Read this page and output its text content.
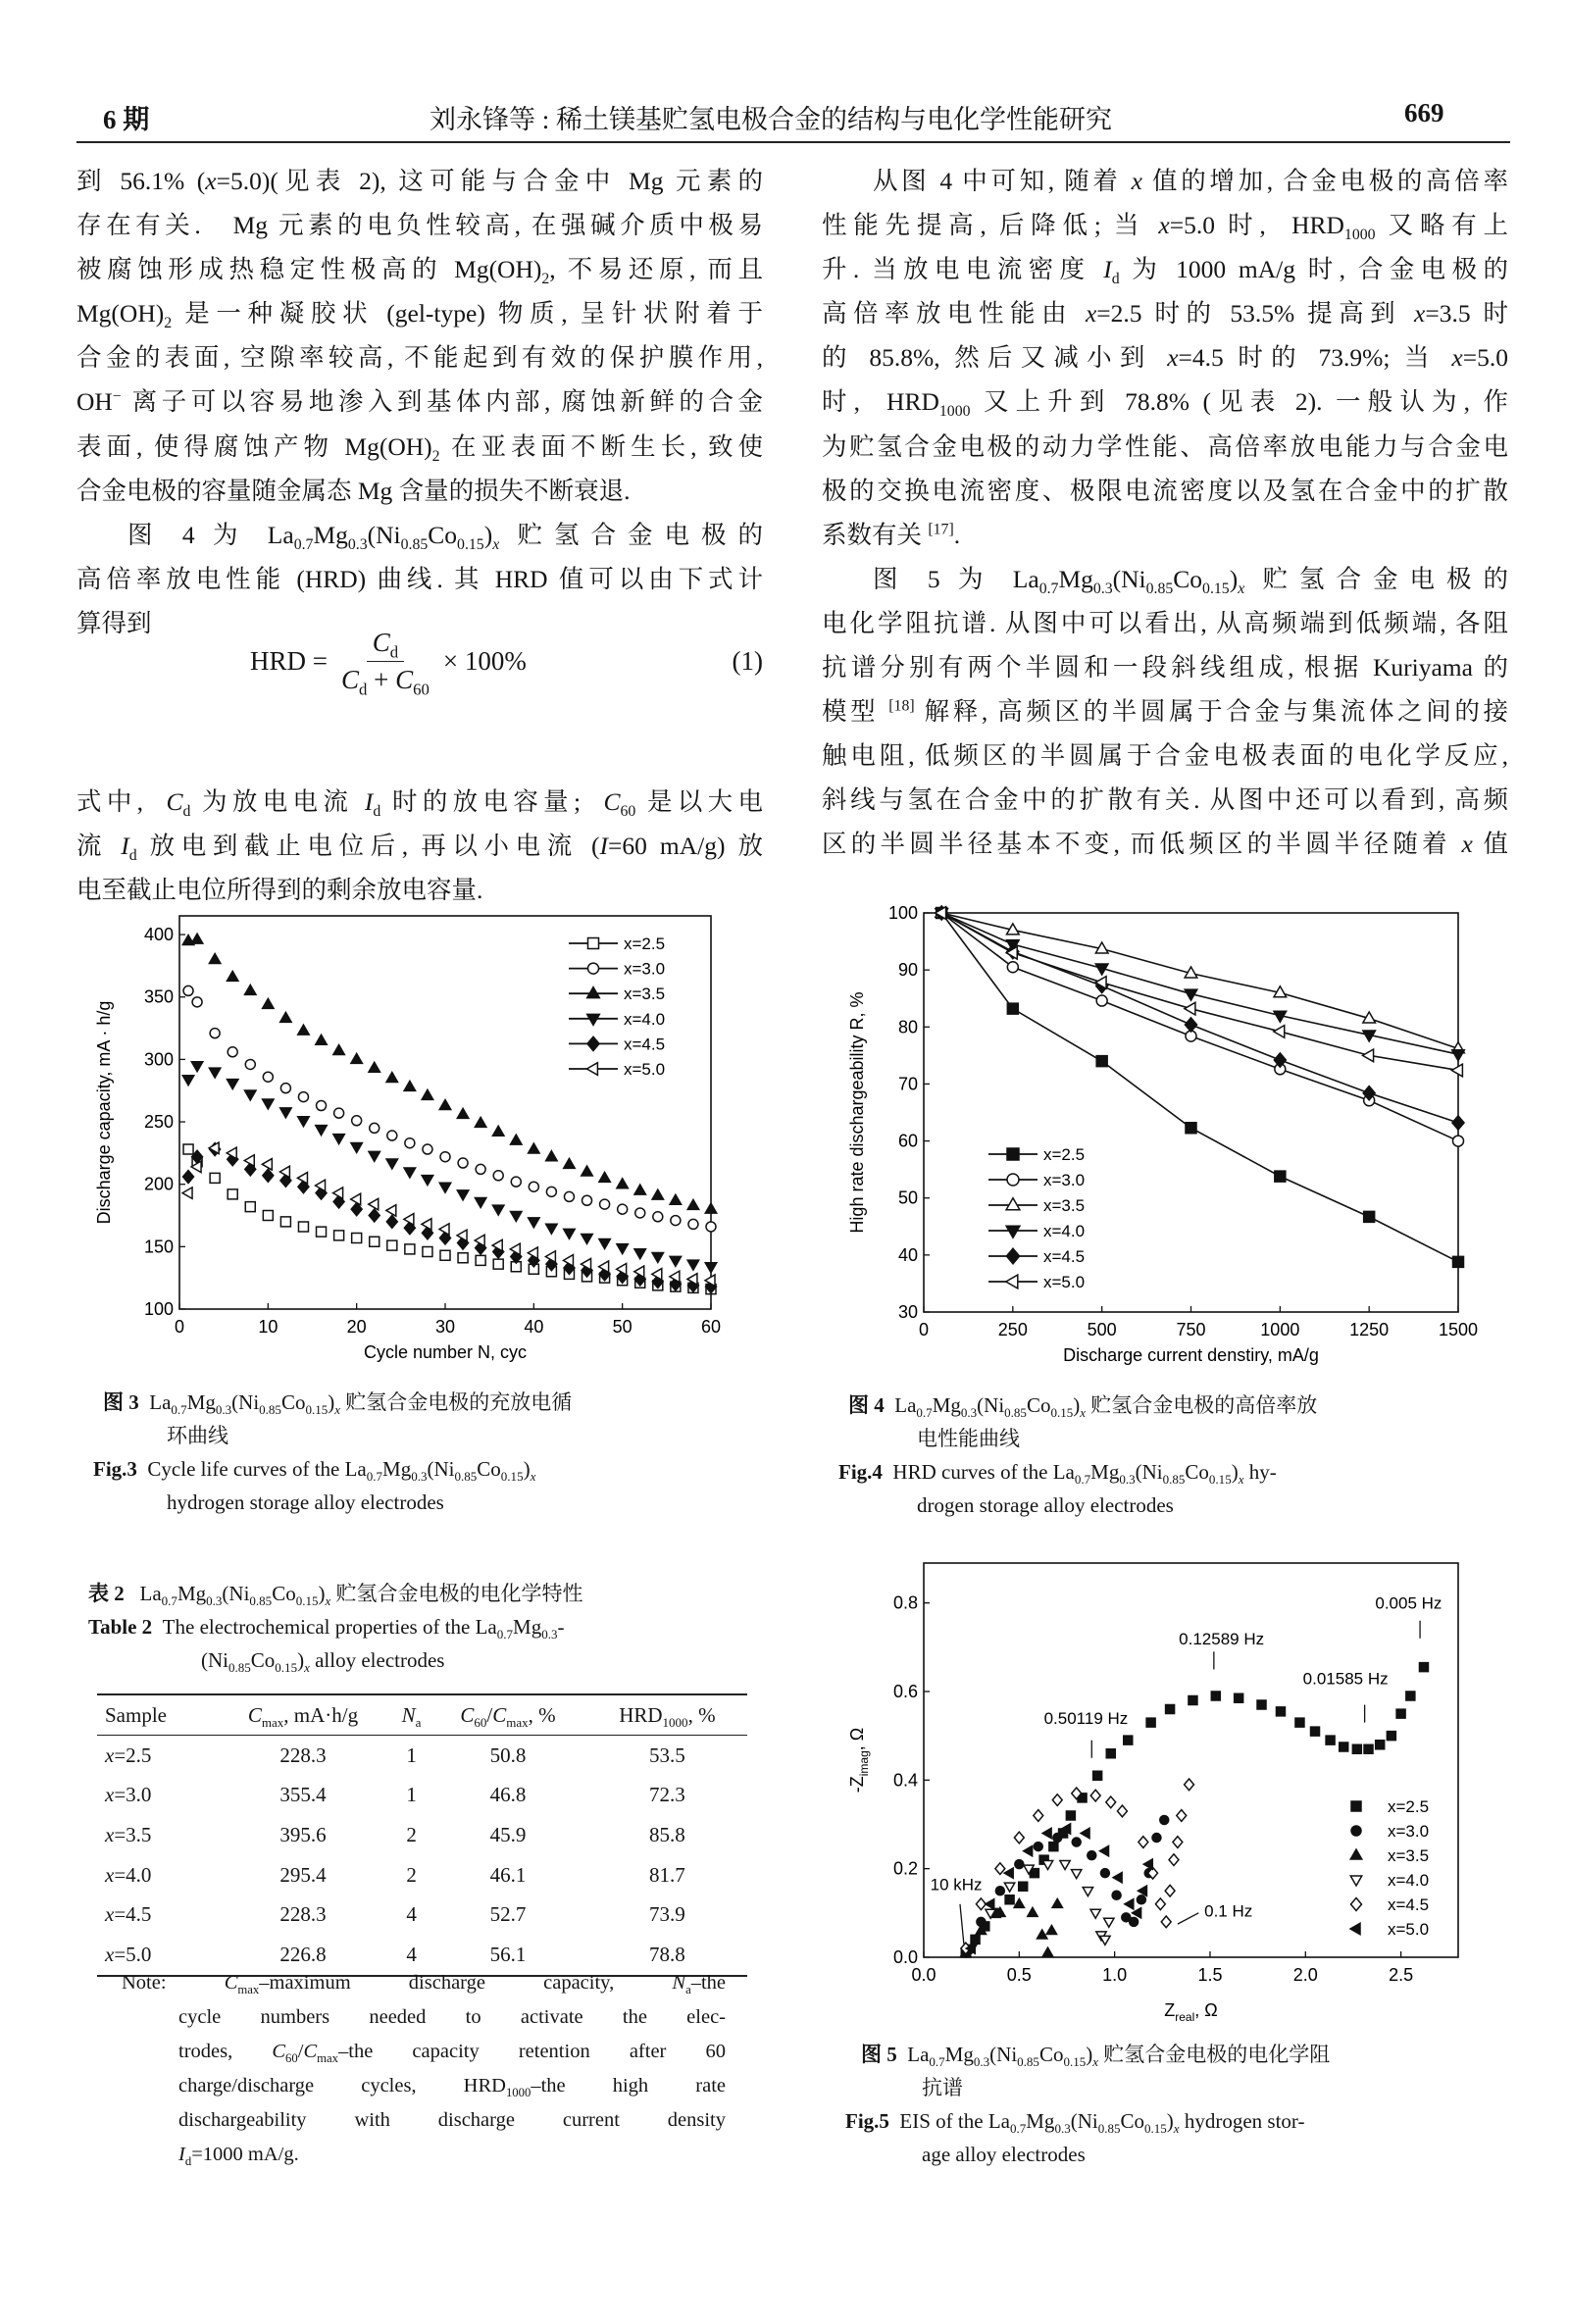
6 期	刘永锋等 : 稀土镁基贮氢电极合金的结构与电化学性能研究	669
到 56.1% (x=5.0)(见表 2), 这可能与合金中 Mg 元素的
存在有关.   Mg 元素的电负性较高, 在强碱介质中极易
被腐蚀形成热稳定性极高的 $Mg(OH)_2$, 不易还原, 而且
$Mg(OH)_2$ 是一种凝胶状 (gel-type) 物质, 呈针状附着于
合金的表面, 空隙率较高, 不能起到有效的保护膜作用,
OH− 离子可以容易地渗入到基体内部, 腐蚀新鲜的合金
表面, 使得腐蚀产物 $Mg(OH)_2$ 在亚表面不断生长, 致使
合金电极的容量随金属态 Mg 含量的损失不断衰退.
图 4 为 $La_{0.7}Mg_{0.3}(Ni_{0.85}Co_{0.15})_x$ 贮氢合金电极的
高倍率放电性能 (HRD) 曲线. 其 HRD 值可以由下式计
算得到
HRD = $\frac{C_d}{C_d + C_{60}} \times 100\%$	(1)
式中,  $C_d$ 为放电电流 $I_d$ 时的放电容量;  $C_{60}$ 是以大电
流 $I_d$ 放电到截止电位后, 再以小电流 (I=60 mA/g) 放
电至截止电位所得到的剩余放电容量.
从图 4 中可知, 随着 x 值的增加, 合金电极的高倍率
性能先提高, 后降低; 当 x=5.0 时,  $HRD_{1000}$ 又略有上
升. 当放电电流密度 $I_d$ 为 1000 mA/g 时, 合金电极的
高倍率放电性能由 x=2.5 时的 53.5% 提高到 x=3.5 时
的 85.8%, 然后又减小到 x=4.5 时的 73.9%; 当 x=5.0
时,  $HRD_{1000}$ 又上升到 78.8% (见表 2). 一般认为, 作
为贮氢合金电极的动力学性能、高倍率放电能力与合金电
极的交换电流密度、极限电流密度以及氢在合金中的扩散
系数有关 [17].
图 5 为 $La_{0.7}Mg_{0.3}(Ni_{0.85}Co_{0.15})_x$ 贮氢合金电极的
电化学阻抗谱. 从图中可以看出, 从高频端到低频端, 各阻
抗谱分别有两个半圆和一段斜线组成, 根据 Kuriyama 的
模型 [18] 解释, 高频区的半圆属于合金与集流体之间的接
触电阻, 低频区的半圆属于合金电极表面的电化学反应,
斜线与氢在合金中的扩散有关. 从图中还可以看到, 高频
区的半圆半径基本不变, 而低频区的半圆半径随着 x 值
0	10	20	30	40	50	60
100
150
200
250
300
350
400
Cycle number N, cyc
Discharge capacity, mA · h/g
x=2.5
x=3.0
x=3.5
x=4.0
x=4.5
x=5.0
图 3 $La_{0.7}Mg_{0.3}(Ni_{0.85}Co_{0.15})_x$ 贮氢合金电极的充放电循
环曲线
Fig.3 Cycle life curves of the $La_{0.7}Mg_{0.3}(Ni_{0.85}Co_{0.15})_x$
hydrogen storage alloy electrodes
0	250	500	750	1000	1250	1500
30
40
50
60
70
80
90
100
Discharge current denstiry, mA/g
High rate dischargeability R, %	x=2.5
x=3.0
x=3.5
x=4.0
x=4.5
x=5.0
图 4 $La_{0.7}Mg_{0.3}(Ni_{0.85}Co_{0.15})_x$ 贮氢合金电极的高倍率放
电性能曲线
Fig.4 HRD curves of the $La_{0.7}Mg_{0.3}(Ni_{0.85}Co_{0.15})_x$ hy-
drogen storage alloy electrodes
表 2 $La_{0.7}Mg_{0.3}(Ni_{0.85}Co_{0.15})_x$ 贮氢合金电极的电化学特性
Table 2 The electrochemical properties of the $La_{0.7}Mg_{0.3}-$
$(Ni_{0.85}Co_{0.15})_x$ alloy electrodes
Sample	$C_{max}$, mA·h/g	$N_a$	$C_{60}/C_{max}$, %	$HRD_{1000}$, %
x=2.5	228.3	1	50.8	53.5
x=3.0	355.4	1	46.8	72.3
x=3.5	395.6	2	45.9	85.8
x=4.0	295.4	2	46.1	81.7
x=4.5	228.3	4	52.7	73.9
x=5.0	226.8	4	56.1	78.8
Note: $C_{max}$–maximum discharge capacity, $N_a$–the
cycle numbers needed to activate the elec-
trodes, $C_{60}/C_{max}$–the capacity retention after 60
charge/discharge cycles, $HRD_{1000}$–the high rate
dischargeability with discharge current density
$I_d=1000$ mA/g.
0.0	0.5	1.0	1.5	2.0	2.5
0.0
0.2
0.4
0.6
0.8
$Z_{real}$, Ω
$-Z_{imag}$, Ω
x=2.5
x=3.0
x=3.5
x=4.0
x=4.5
x=5.0
0.005 Hz
0.12589 Hz
0.01585 Hz
0.50119 Hz
10 kHz
0.1 Hz
图 5 $La_{0.7}Mg_{0.3}(Ni_{0.85}Co_{0.15})_x$ 贮氢合金电极的电化学阻
抗谱
Fig.5 EIS of the $La_{0.7}Mg_{0.3}(Ni_{0.85}Co_{0.15})_x$ hydrogen stor-
age alloy electrodes
